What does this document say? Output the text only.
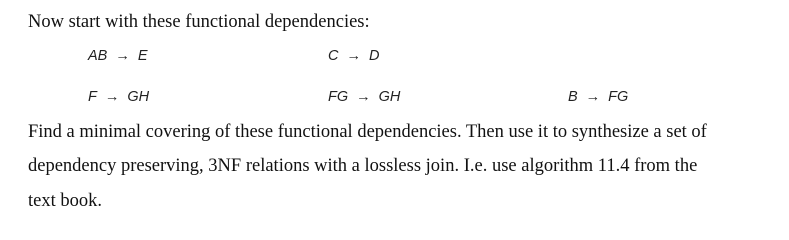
Now start with these functional dependencies:
AB → E	C → D
F → GH	FG → GH	B → FG
Find a minimal covering of these functional dependencies. Then use it to synthesize a set of
dependency preserving, 3NF relations with a lossless join. I.e. use algorithm 11.4 from the
text book.
